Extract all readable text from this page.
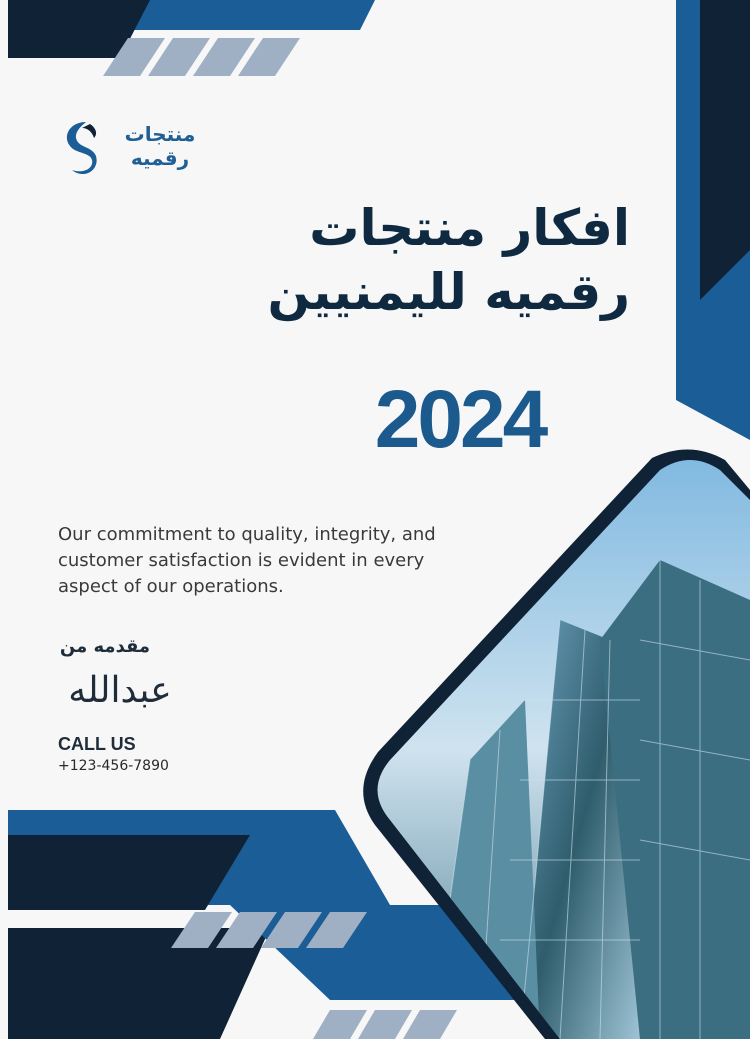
منتجات رقميه
افكار منتجات رقميه لليمنيين
2024
Our commitment to quality, integrity, and customer satisfaction is evident in every aspect of our operations.
مقدمه من
عبدالله
CALL US
+123-456-7890
